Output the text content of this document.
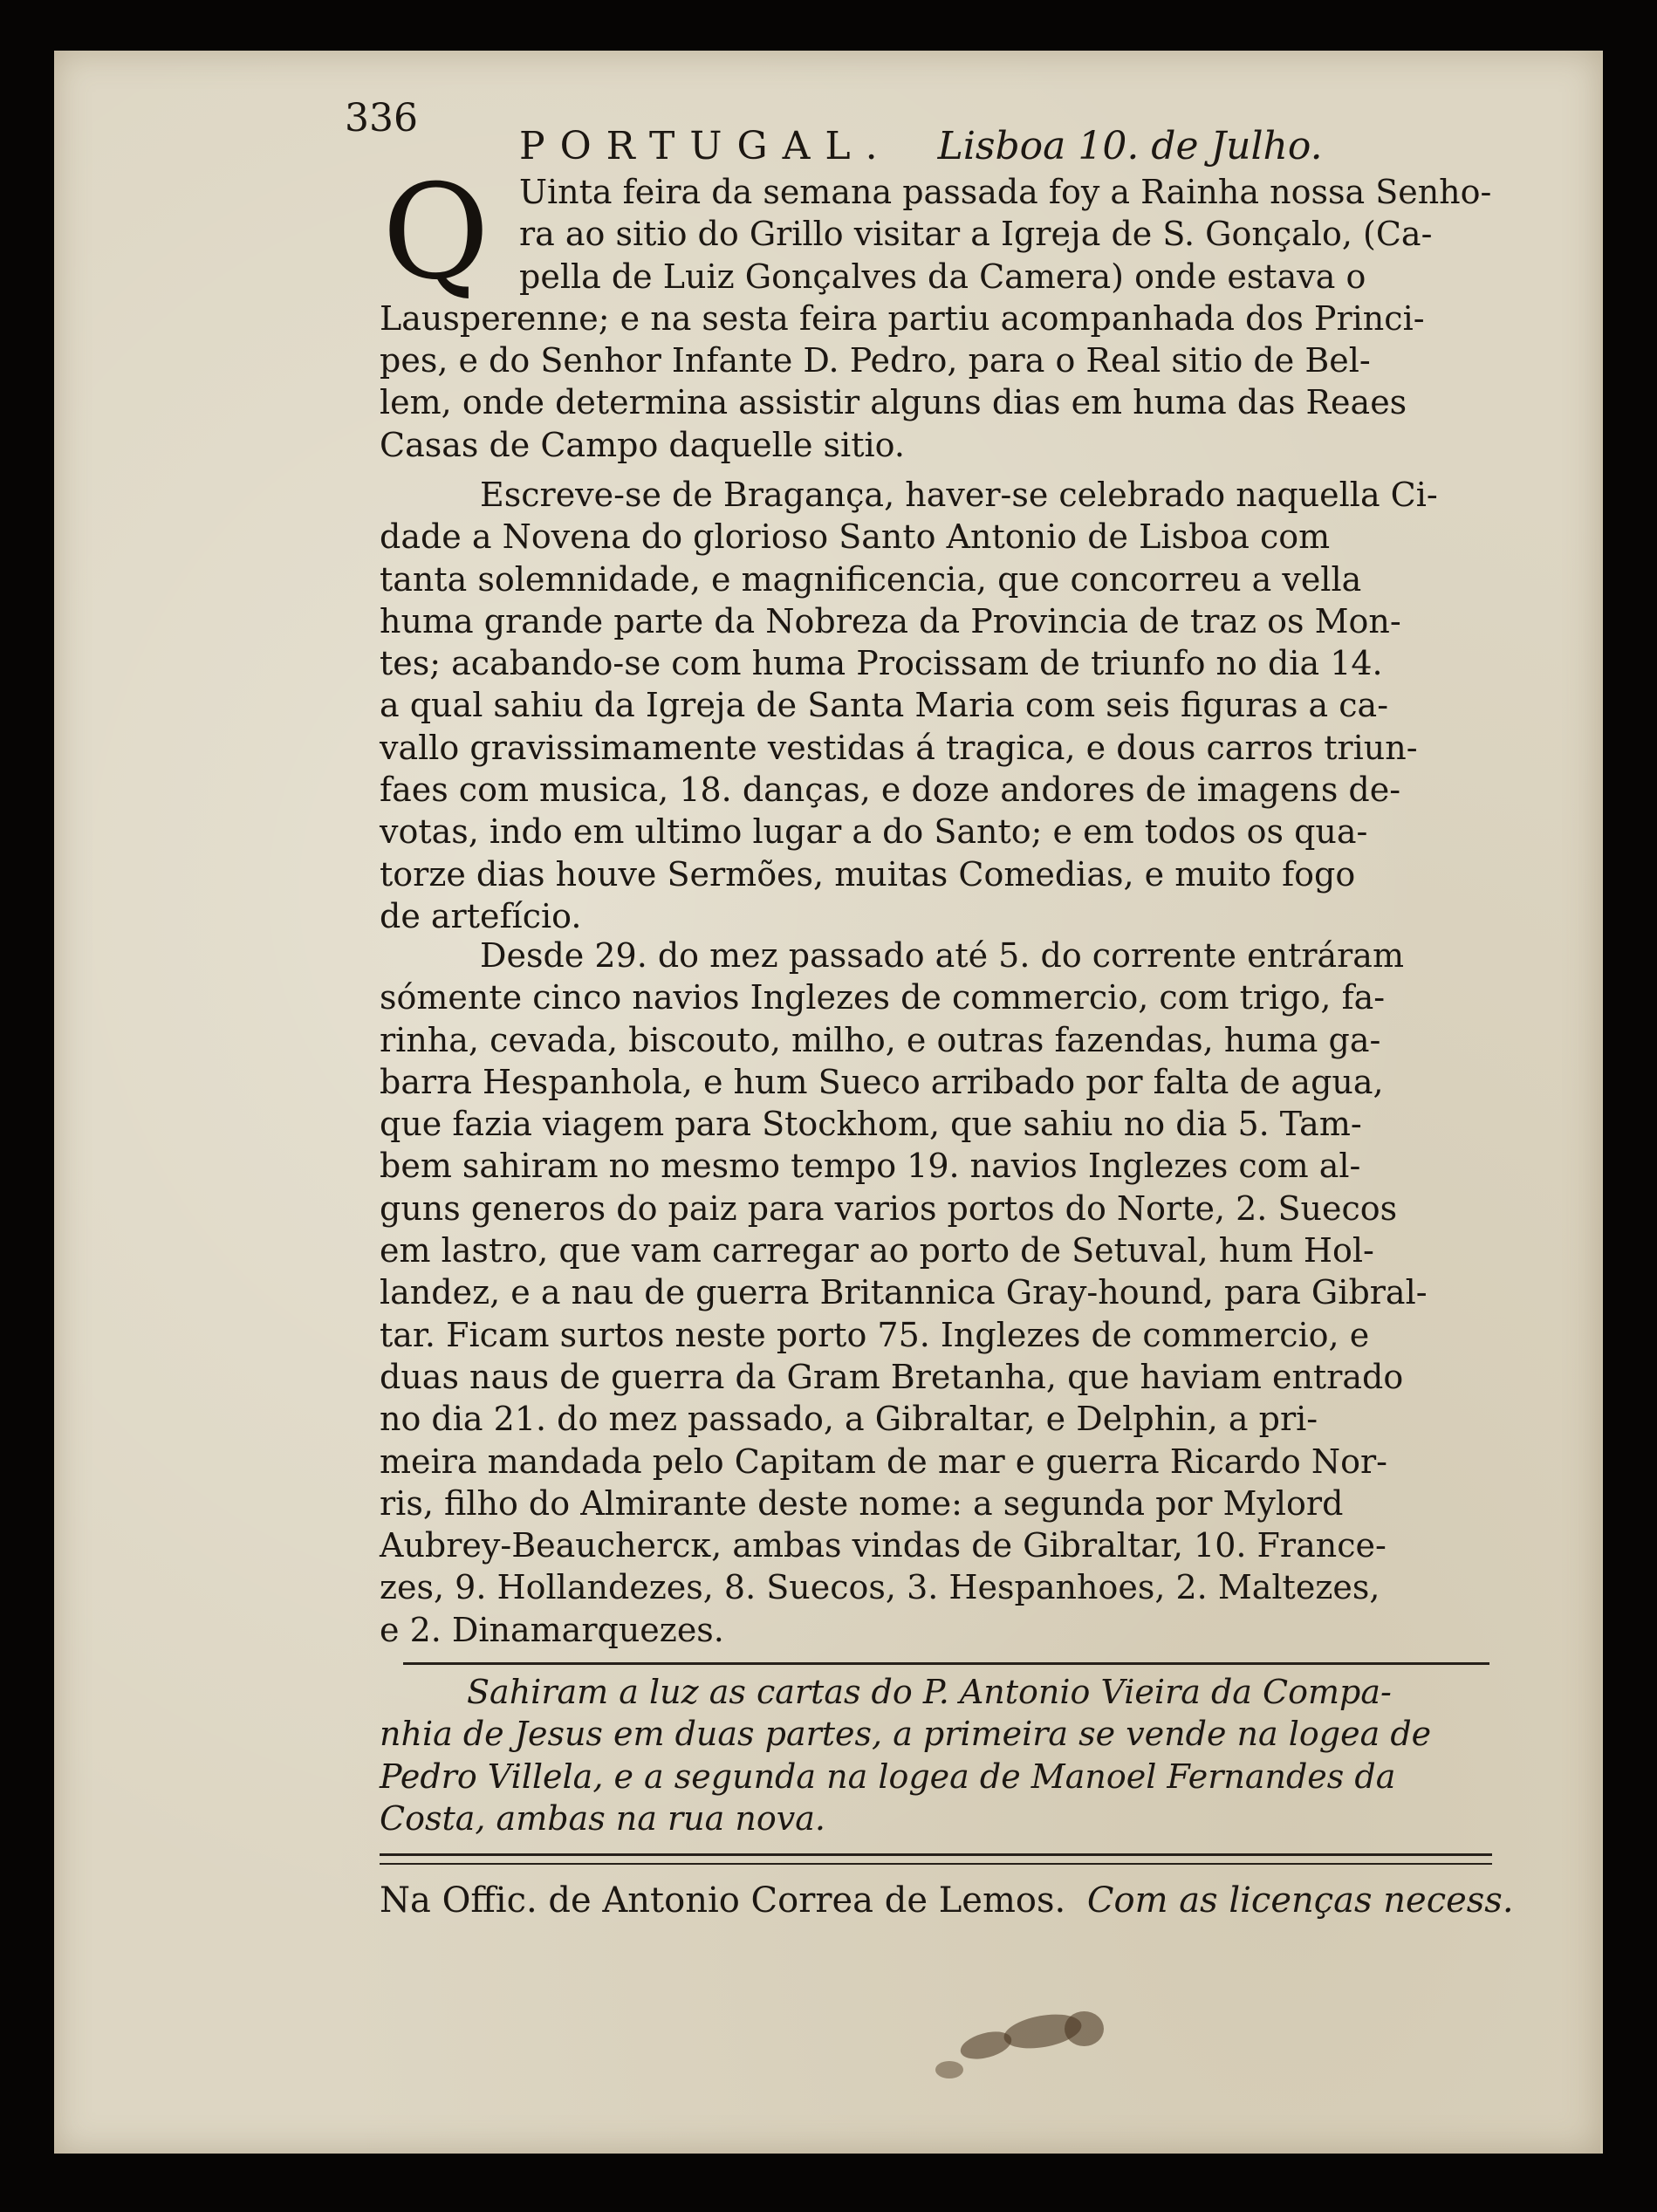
336
PORTUGAL. Lisboa 10. de Julho.
Q Uinta feira da semana passada foy a Rainha nossa Senho-
ra ao sitio do Grillo visitar a Igreja de S. Gonçalo, (Ca-
pella de Luiz Gonçalves da Camera) onde estava o
Lausperenne; e na sesta feira partiu acompanhada dos Princi-
pes, e do Senhor Infante D. Pedro, para o Real sitio de Bel-
lem, onde determina assistir alguns dias em huma das Reaes
Casas de Campo daquelle sitio.
Escreve-se de Bragança, haver-se celebrado naquella Ci-
dade a Novena do glorioso Santo Antonio de Lisboa com
tanta solemnidade, e magnificencia, que concorreu a vella
huma grande parte da Nobreza da Provincia de traz os Mon-
tes; acabando-se com huma Procissam de triunfo no dia 14.
a qual sahiu da Igreja de Santa Maria com seis figuras a ca-
vallo gravissimamente vestidas á tragica, e dous carros triun-
faes com musica, 18. danças, e doze andores de imagens de-
votas, indo em ultimo lugar a do Santo; e em todos os qua-
torze dias houve Sermões, muitas Comedias, e muito fogo
de artefício.
Desde 29. do mez passado até 5. do corrente entráram
sómente cinco navios Inglezes de commercio, com trigo, fa-
rinha, cevada, biscouto, milho, e outras fazendas, huma ga-
barra Hespanhola, e hum Sueco arribado por falta de agua,
que fazia viagem para Stockhom, que sahiu no dia 5. Tam-
bem sahiram no mesmo tempo 19. navios Inglezes com al-
guns generos do paiz para varios portos do Norte, 2. Suecos
em lastro, que vam carregar ao porto de Setuval, hum Hol-
landez, e a nau de guerra Britannica Gray-hound, para Gibral-
tar. Ficam surtos neste porto 75. Inglezes de commercio, e
duas naus de guerra da Gram Bretanha, que haviam entrado
no dia 21. do mez passado, a Gibraltar, e Delphin, a pri-
meira mandada pelo Capitam de mar e guerra Ricardo Nor-
ris, filho do Almirante deste nome: a segunda por Mylord
Aubrey-Beauchercк, ambas vindas de Gibraltar, 10. France-
zes, 9. Hollandezes, 8. Suecos, 3. Hespanhoes, 2. Maltezes,
e 2. Dinamarquezes.
Sahiram a luz as cartas do P. Antonio Vieira da Compa-
nhia de Jesus em duas partes, a primeira se vende na logea de
Pedro Villela, e a segunda na logea de Manoel Fernandes da
Costa, ambas na rua nova.
Na Offic. de Antonio Correa de Lemos. Com as licenças necess.
